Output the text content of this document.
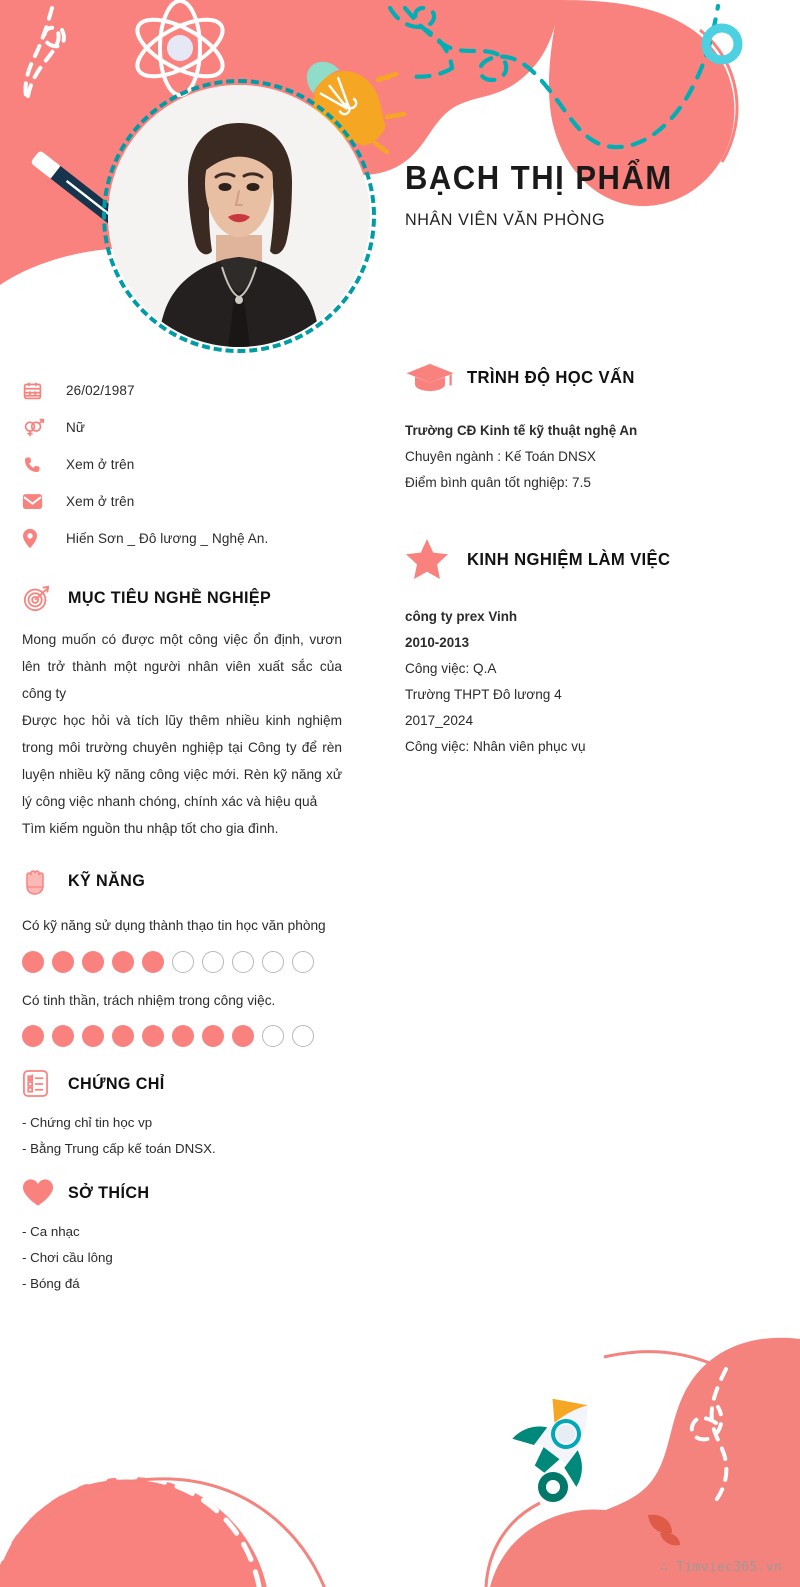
BẠCH THỊ PHẨM
NHÂN VIÊN VĂN PHÒNG
26/02/1987
Nữ
Xem ở trên
Xem ở trên
Hiến Sơn _ Đô lương _ Nghệ An.
MỤC TIÊU NGHỀ NGHIỆP

Mong muốn có được một công việc ổn định, vươn lên trở thành một người nhân viên xuất sắc của công ty

Được học hỏi và tích lũy thêm nhiều kinh nghiệm trong môi trường chuyên nghiệp tại Công ty để rèn luyện nhiều kỹ năng công việc mới. Rèn kỹ năng xử lý công việc nhanh chóng, chính xác và hiệu quả

Tìm kiếm nguồn thu nhập tốt cho gia đình.

KỸ NĂNG

Có kỹ năng sử dụng thành thạo tin học văn phòng

Có tinh thần, trách nhiệm trong công việc.

CHỨNG CHỈ
- Chứng chỉ tin học vp
- Bằng Trung cấp kế toán DNSX.
SỞ THÍCH
- Ca nhạc
- Chơi cầu lông
- Bóng đá
TRÌNH ĐỘ HỌC VẤN
Trường CĐ Kinh tế kỹ thuật nghệ An
Chuyên ngành : Kế Toán DNSX
Điểm bình quân tốt nghiệp: 7.5
KINH NGHIỆM LÀM VIỆC
công ty prex Vinh
2010-2013
Công việc: Q.A
Trường THPT Đô lương 4
2017_2024
Công việc: Nhân viên phục vụ
∴ Timviec365.vn
